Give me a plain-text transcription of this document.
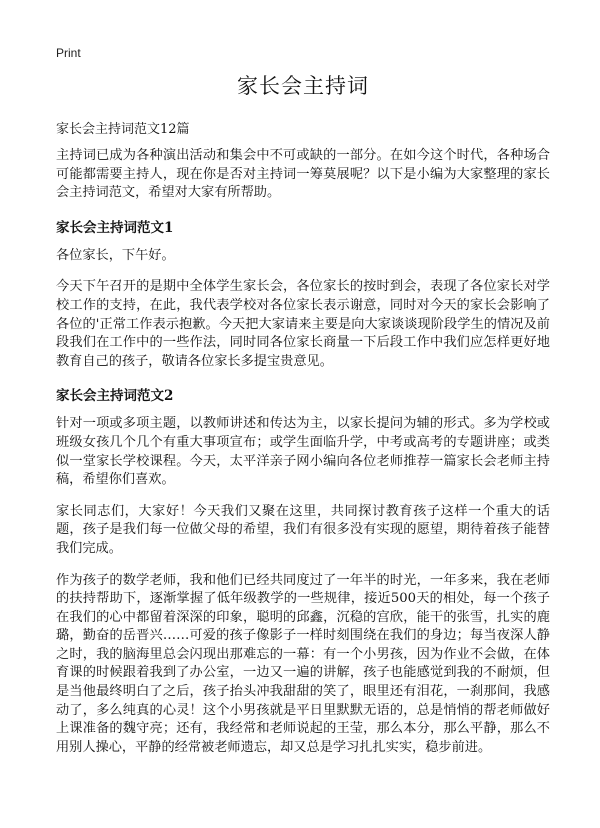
Print
家长会主持词
家长会主持词范文12篇

主持词已成为各种演出活动和集会中不可或缺的一部分。在如今这个时代，各种场合可能都需要主持人，现在你是否对主持词一筹莫展呢？以下是小编为大家整理的家长会主持词范文，希望对大家有所帮助。

家长会主持词范文1

各位家长，下午好。

今天下午召开的是期中全体学生家长会，各位家长的按时到会，表现了各位家长对学校工作的支持，在此，我代表学校对各位家长表示谢意，同时对今天的家长会影响了各位的'正常工作表示抱歉。今天把大家请来主要是向大家谈谈现阶段学生的情况及前段我们在工作中的一些作法，同时同各位家长商量一下后段工作中我们应怎样更好地教育自己的孩子，敬请各位家长多提宝贵意见。

家长会主持词范文2

针对一项或多项主题，以教师讲述和传达为主，以家长提问为辅的形式。多为学校或班级女孩几个几个有重大事项宣布；或学生面临升学，中考或高考的专题讲座；或类似一堂家长学校课程。今天，太平洋亲子网小编向各位老师推荐一篇家长会老师主持稿，希望你们喜欢。

家长同志们，大家好！今天我们又聚在这里，共同探讨教育孩子这样一个重大的话题，孩子是我们每一位做父母的希望，我们有很多没有实现的愿望，期待着孩子能替我们完成。

作为孩子的数学老师，我和他们已经共同度过了一年半的时光，一年多来，我在老师的扶持帮助下，逐渐掌握了低年级教学的一些规律，接近500天的相处，每一个孩子在我们的心中都留着深深的印象，聪明的邱鑫，沉稳的宫欣，能干的张雪，扎实的鹿璐，勤奋的岳晋兴……可爱的孩子像影子一样时刻围绕在我们的身边；每当夜深人静之时，我的脑海里总会闪现出那难忘的一幕：有一个小男孩，因为作业不会做，在体育课的时候跟着我到了办公室，一边又一遍的讲解，孩子也能感觉到我的不耐烦，但是当他最终明白了之后，孩子抬头冲我甜甜的笑了，眼里还有泪花，一刹那间，我感动了，多么纯真的心灵！这个小男孩就是平日里默默无语的，总是悄悄的帮老师做好上课准备的魏守亮；还有，我经常和老师说起的王莹，那么本分，那么平静，那么不用别人操心，平静的经常被老师遗忘，却又总是学习扎扎实实，稳步前进。
